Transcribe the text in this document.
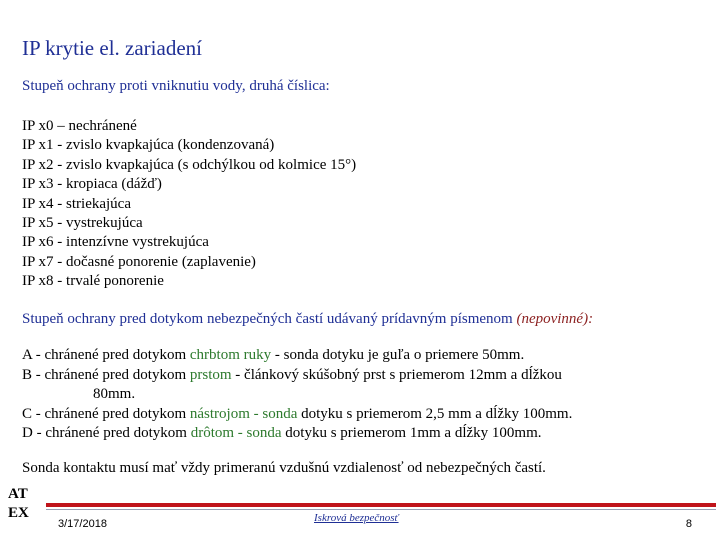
IP krytie el. zariadení

Stupeň ochrany proti vniknutiu vody, druhá číslica:

IP x0 – nechránené
IP x1 - zvislo kvapkajúca (kondenzovaná)
IP x2 - zvislo kvapkajúca (s odchýlkou od kolmice 15°)
IP x3 - kropiaca (dážď)
IP x4 - striekajúca
IP x5 - vystrekujúca
IP x6 - intenzívne vystrekujúca
IP x7 - dočasné ponorenie (zaplavenie)
IP x8 - trvalé ponorenie

Stupeň ochrany pred dotykom nebezpečných častí udávaný prídavným písmenom (nepovinné):

A - chránené pred dotykom chrbtom ruky - sonda dotyku je guľa o priemere 50mm.
B - chránené pred dotykom prstom - článkový skúšobný prst s priemerom 12mm a dĺžkou
80mm.
C - chránené pred dotykom nástrojom - sonda dotyku s priemerom 2,5 mm a dĺžky 100mm.
D - chránené pred dotykom drôtom - sonda dotyku s priemerom 1mm a dĺžky 100mm.

Sonda kontaktu musí mať vždy primeranú vzdušnú vzdialenosť od nebezpečných častí.

AT
EX
3/17/2018	Iskrová bezpečnosť	8
